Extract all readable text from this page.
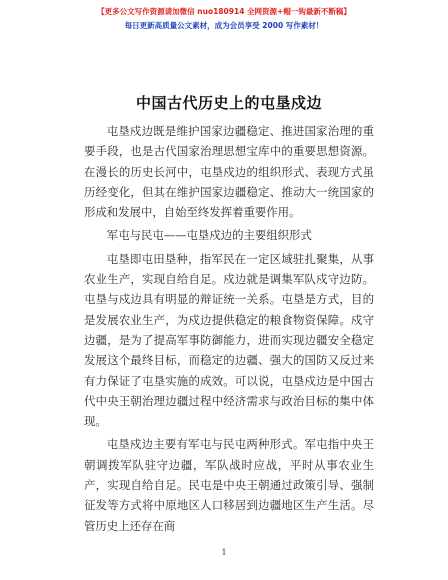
【更多公文写作资源请加微信 nuo180914 全网资源+帽一钩最新不断稿】
每日更新高质量公文素材，成为会员享受 2000 写作素材！
中国古代历史上的屯垦戍边

屯垦戍边既是维护国家边疆稳定、推进国家治理的重要手段，也是古代国家治理思想宝库中的重要思想资源。在漫长的历史长河中，屯垦戍边的组织形式、表现方式虽历经变化，但其在维护国家边疆稳定、推动大一统国家的形成和发展中，自始至终发挥着重要作用。

军屯与民屯——屯垦戍边的主要组织形式

屯垦即屯田垦种，指军民在一定区域驻扎聚集，从事农业生产，实现自给自足。戍边就是调集军队戍守边防。屯垦与戍边具有明显的辩证统一关系。屯垦是方式，目的是发展农业生产，为戍边提供稳定的粮食物资保障。戍守边疆，是为了提高军事防御能力，进而实现边疆安全稳定发展这个最终目标，而稳定的边疆、强大的国防又反过来有力保证了屯垦实施的成效。可以说，屯垦戍边是中国古代中央王朝治理边疆过程中经济需求与政治目标的集中体现。

屯垦戍边主要有军屯与民屯两种形式。军屯指中央王朝调拨军队驻守边疆，军队战时应战，平时从事农业生产，实现自给自足。民屯是中央王朝通过政策引导、强制征发等方式将中原地区人口移居到边疆地区生产生活。尽管历史上还存在商

1
